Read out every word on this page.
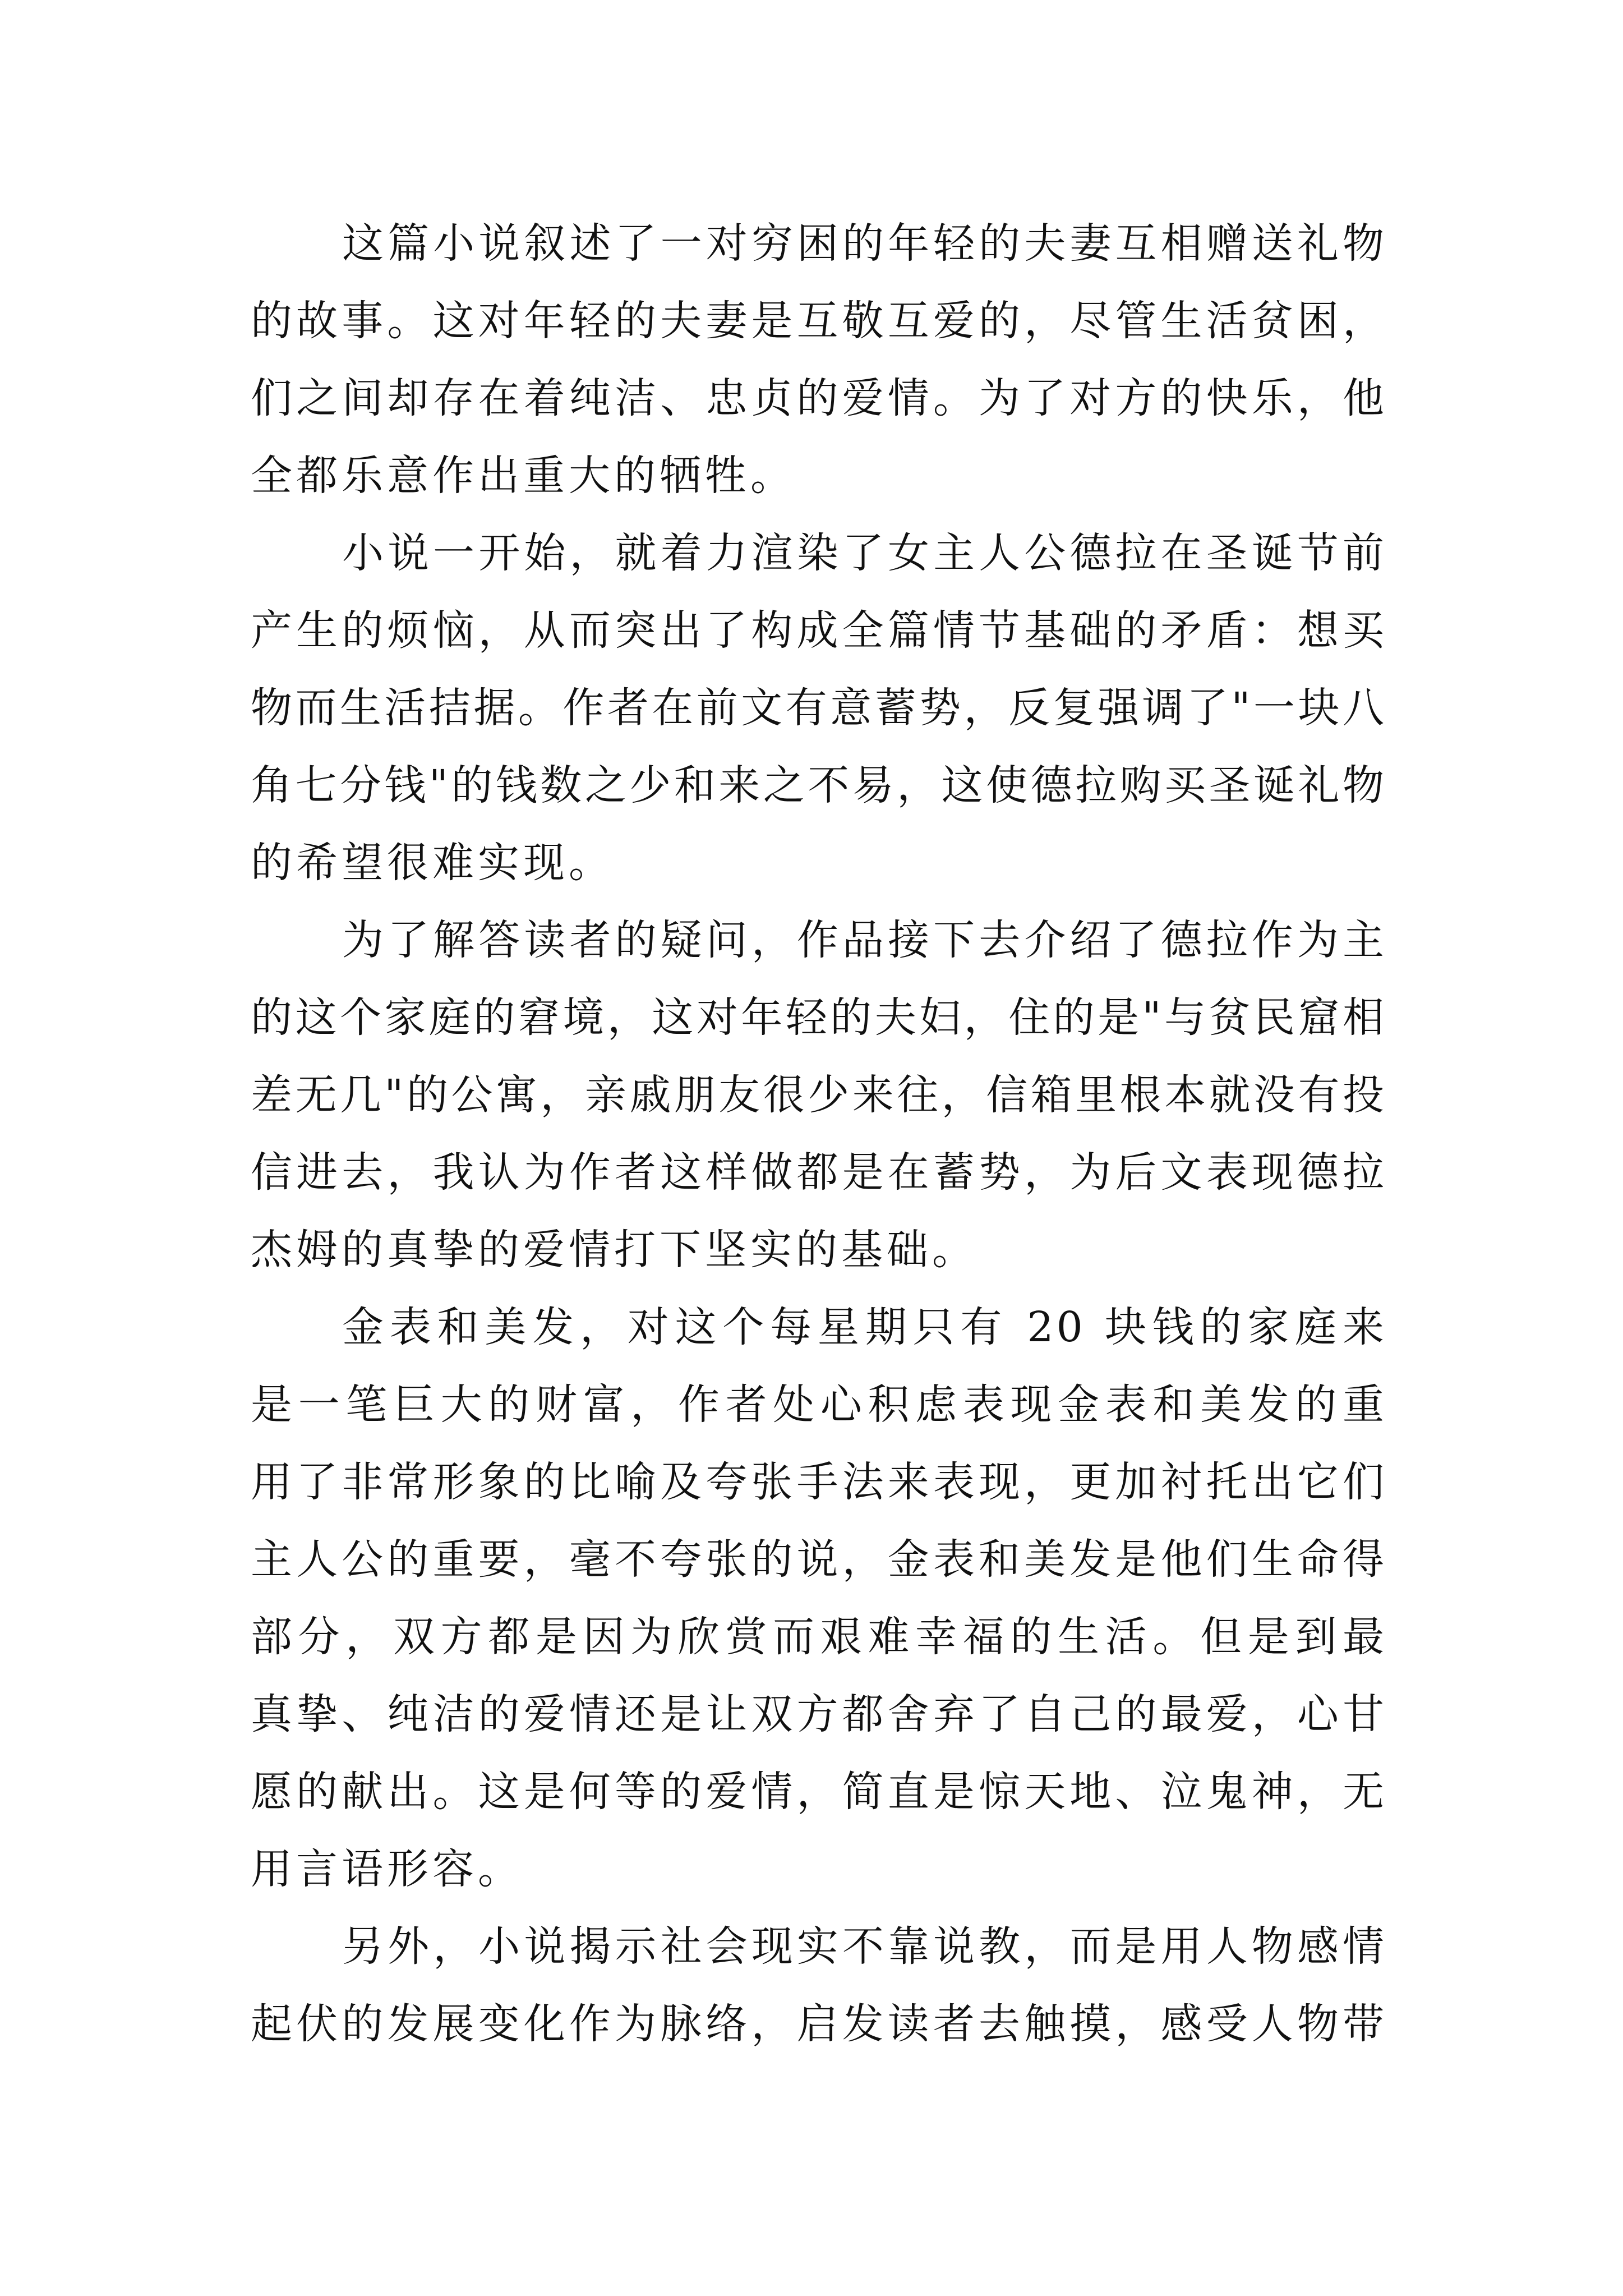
这篇小说叙述了一对穷困的年轻的夫妻互相赠送礼物
的故事。这对年轻的夫妻是互敬互爱的，尽管生活贫困，
们之间却存在着纯洁、忠贞的爱情。为了对方的快乐，他
全都乐意作出重大的牺牲。
小说一开始，就着力渲染了女主人公德拉在圣诞节前
产生的烦恼，从而突出了构成全篇情节基础的矛盾：想买
物而生活拮据。作者在前文有意蓄势，反复强调了"一块八
角七分钱"的钱数之少和来之不易，这使德拉购买圣诞礼物
的希望很难实现。
为了解答读者的疑问，作品接下去介绍了德拉作为主
的这个家庭的窘境，这对年轻的夫妇，住的是"与贫民窟相
差无几"的公寓，亲戚朋友很少来往，信箱里根本就没有投
信进去，我认为作者这样做都是在蓄势，为后文表现德拉
杰姆的真挚的爱情打下坚实的基础。
金表和美发，对这个每星期只有 20 块钱的家庭来
是一笔巨大的财富，作者处心积虑表现金表和美发的重
用了非常形象的比喻及夸张手法来表现，更加衬托出它们
主人公的重要，毫不夸张的说，金表和美发是他们生命得
部分，双方都是因为欣赏而艰难幸福的生活。但是到最
真挚、纯洁的爱情还是让双方都舍弃了自己的最爱，心甘
愿的献出。这是何等的爱情，简直是惊天地、泣鬼神，无
用言语形容。
另外，小说揭示社会现实不靠说教，而是用人物感情
起伏的发展变化作为脉络，启发读者去触摸，感受人物带
